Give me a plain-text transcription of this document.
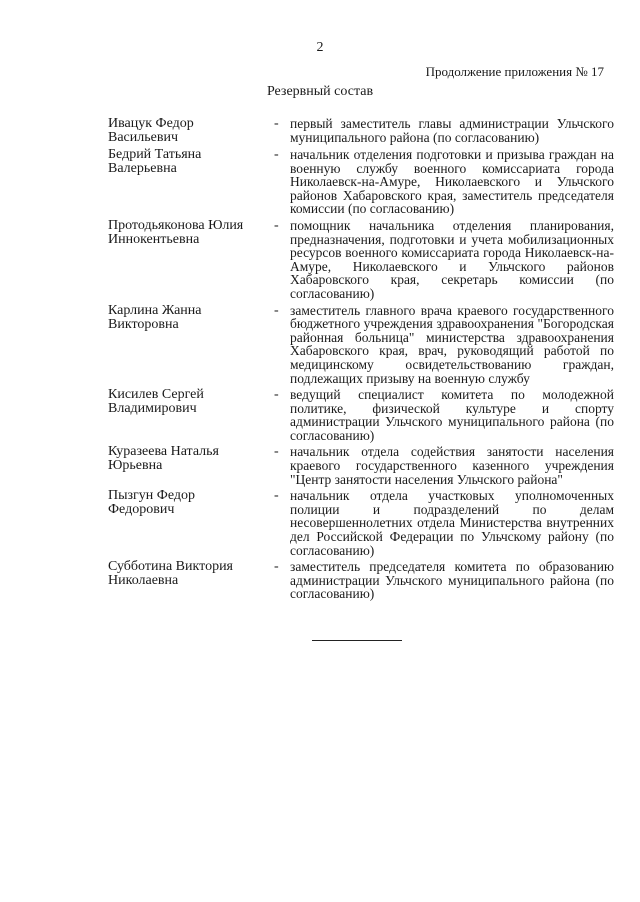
2
Продолжение приложения № 17
Резервный состав
Ивацук Федор
Васильевич
- первый заместитель главы администрации Ульчского муниципального района (по согласованию)
Бедрий Татьяна
Валерьевна
- начальник отделения подготовки и призыва граждан на военную службу военного комиссариата города Николаевск-на-Амуре, Николаевского и Ульчского районов Хабаровского края, заместитель председателя комиссии (по согласованию)
Протодьяконова Юлия
Иннокентьевна
- помощник начальника отделения планирования, предназначения, подготовки и учета мобилизационных ресурсов военного комиссариата города Николаевск-на-Амуре, Николаевского и Ульчского районов Хабаровского края, секретарь комиссии (по согласованию)
Карлина Жанна
Викторовна
- заместитель главного врача краевого государственного бюджетного учреждения здравоохранения "Богородская районная больница" министерства здравоохранения Хабаровского края, врач, руководящий работой по медицинскому освидетельствованию граждан, подлежащих призыву на военную службу
Кисилев Сергей
Владимирович
- ведущий специалист комитета по молодежной политике, физической культуре и спорту администрации Ульчского муниципального района (по согласованию)
Куразеева Наталья
Юрьевна
- начальник отдела содействия занятости населения краевого государственного казенного учреждения "Центр занятости населения Ульчского района"
Пызгун Федор
Федорович
- начальник отдела участковых уполномоченных полиции и подразделений по делам несовершеннолетних отдела Министерства внутренних дел Российской Федерации по Ульчскому району (по согласованию)
Субботина Виктория
Николаевна
- заместитель председателя комитета по образованию администрации Ульчского муниципального района (по согласованию)
